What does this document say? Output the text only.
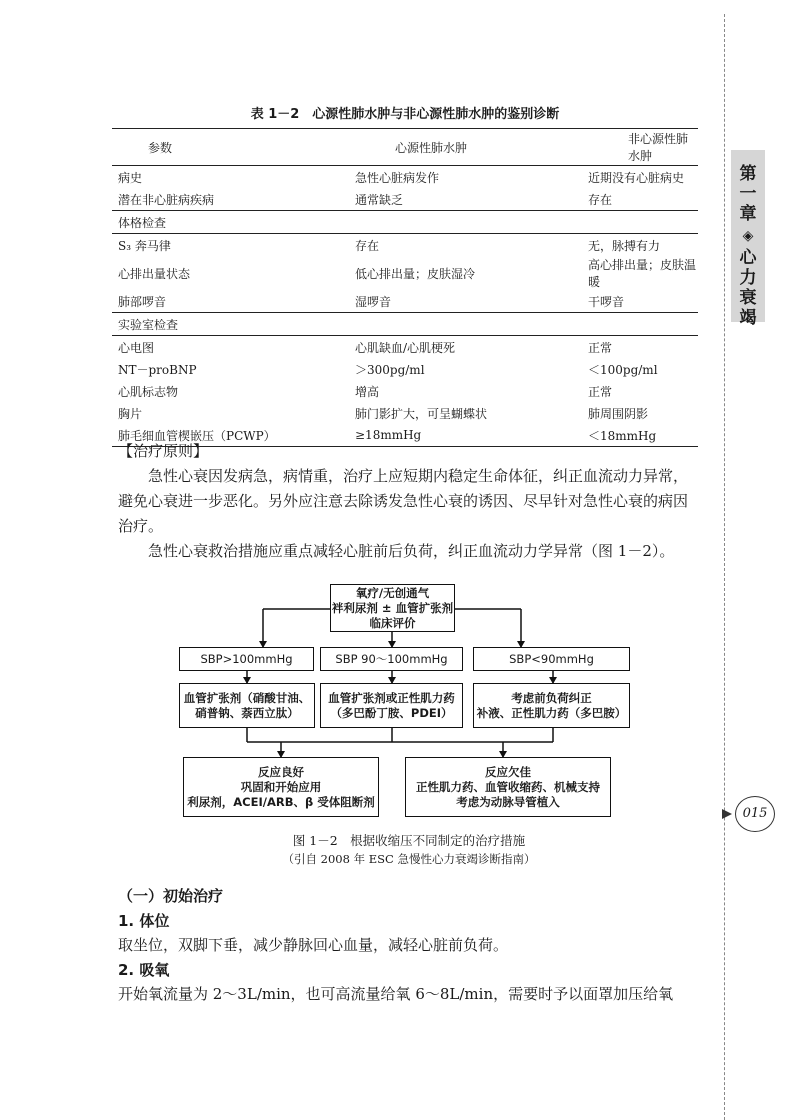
第
一
章
◈
心
力
衰
竭
015
表 1－2　心源性肺水肿与非心源性肺水肿的鉴别诊断
参数	心源性肺水肿	非心源性肺水肿
病史	急性心脏病发作	近期没有心脏病史
潜在非心脏病疾病	通常缺乏	存在
体格检查		
S₃ 奔马律	存在	无，脉搏有力
心排出量状态	低心排出量；皮肤湿冷	高心排出量；皮肤温暖
肺部啰音	湿啰音	干啰音
实验室检查		
心电图	心肌缺血/心肌梗死	正常
NT－proBNP	＞300pg/ml	＜100pg/ml
心肌标志物	增高	正常
胸片	肺门影扩大，可呈蝴蝶状	肺周围阴影
肺毛细血管楔嵌压（PCWP）	≥18mmHg	＜18mmHg
【治疗原则】
急性心衰因发病急，病情重，治疗上应短期内稳定生命体征，纠正血流动力异常，避免心衰进一步恶化。另外应注意去除诱发急性心衰的诱因、尽早针对急性心衰的病因治疗。
急性心衰救治措施应重点减轻心脏前后负荷，纠正血流动力学异常（图 1－2）。
氧疗/无创通气
袢利尿剂 ± 血管扩张剂
临床评价
SBP>100mmHg	SBP 90～100mmHg	SBP<90mmHg
血管扩张剂（硝酸甘油、
硝普钠、萘西立肽）
血管扩张剂或正性肌力药
（多巴酚丁胺、PDEI）
考虑前负荷纠正
补液、正性肌力药（多巴胺）
反应良好
巩固和开始应用
利尿剂，ACEI/ARB、β 受体阻断剂
反应欠佳
正性肌力药、血管收缩药、机械支持
考虑为动脉导管植入
图 1－2　根据收缩压不同制定的治疗措施
（引自 2008 年 ESC 急慢性心力衰竭诊断指南）
（一）初始治疗
1. 体位
取坐位，双脚下垂，减少静脉回心血量，减轻心脏前负荷。
2. 吸氧
开始氧流量为 2～3L/min，也可高流量给氧 6～8L/min，需要时予以面罩加压给氧
